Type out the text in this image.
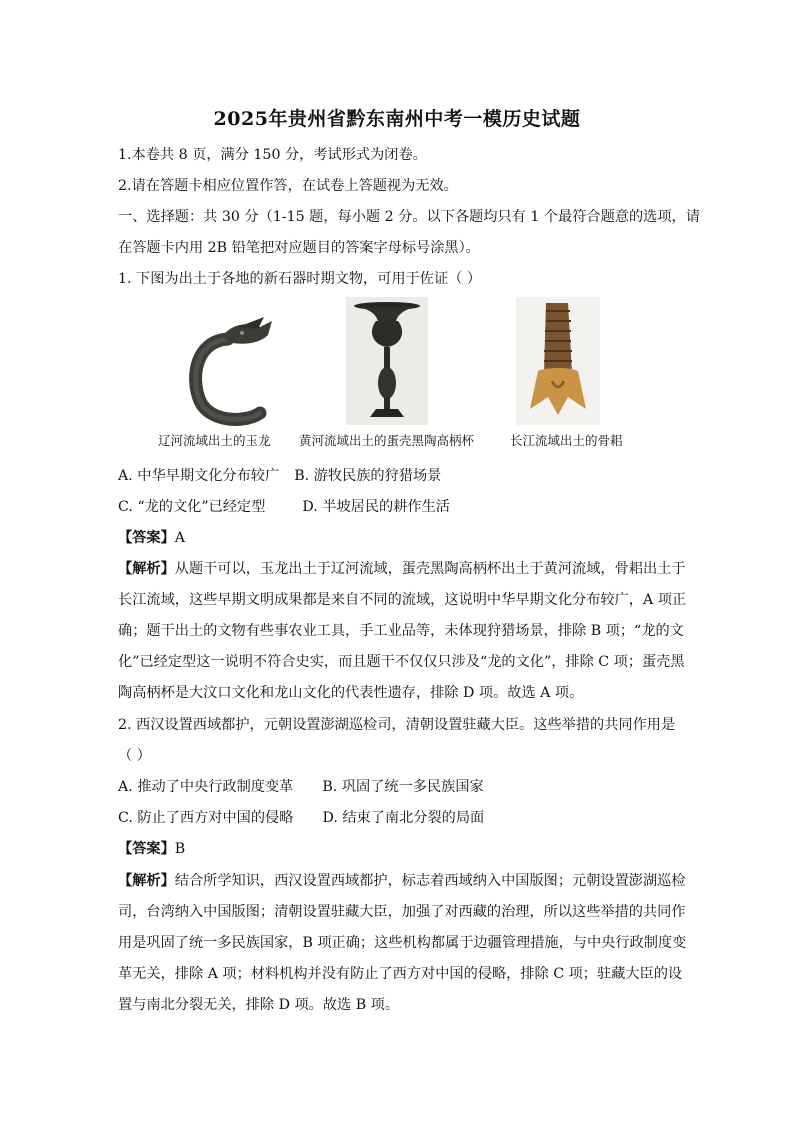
2025年贵州省黔东南州中考一模历史试题
1.本卷共 8 页，满分 150 分，考试形式为闭卷。
2.请在答题卡相应位置作答，在试卷上答题视为无效。
一、选择题：共 30 分（1-15 题，每小题 2 分。以下各题均只有 1 个最符合题意的选项，请
在答题卡内用 2B 铅笔把对应题目的答案字母标号涂黑）。
1. 下图为出土于各地的新石器时期文物，可用于佐证（ ）
辽河流域出土的玉龙 黄河流域出土的蛋壳黑陶高柄杯	长江流域出土的骨耜
A. 中华早期文化分布较广 B. 游牧民族的狩猎场景
C. “龙的文化”已经定型	D. 半坡居民的耕作生活
【答案】A
【解析】从题干可以，玉龙出土于辽河流域，蛋壳黑陶高柄杯出土于黄河流域，骨耜出土于
长江流域，这些早期文明成果都是来自不同的流域，这说明中华早期文化分布较广，A 项正
确；题干出土的文物有些事农业工具，手工业品等，未体现狩猎场景，排除 B 项；“龙的文
化”已经定型这一说明不符合史实，而且题干不仅仅只涉及“龙的文化”，排除 C 项；蛋壳黑
陶高柄杯是大汶口文化和龙山文化的代表性遗存，排除 D 项。故选 A 项。
2. 西汉设置西域都护，元朝设置澎湖巡检司，清朝设置驻藏大臣。这些举措的共同作用是
（ ）
A. 推动了中央行政制度变革 B. 巩固了统一多民族国家
C. 防止了西方对中国的侵略 D. 结束了南北分裂的局面
【答案】B
【解析】结合所学知识，西汉设置西域都护，标志着西域纳入中国版图；元朝设置澎湖巡检
司，台湾纳入中国版图；清朝设置驻藏大臣，加强了对西藏的治理，所以这些举措的共同作
用是巩固了统一多民族国家，B 项正确；这些机构都属于边疆管理措施，与中央行政制度变
革无关，排除 A 项；材料机构并没有防止了西方对中国的侵略，排除 C 项；驻藏大臣的设
置与南北分裂无关，排除 D 项。故选 B 项。
